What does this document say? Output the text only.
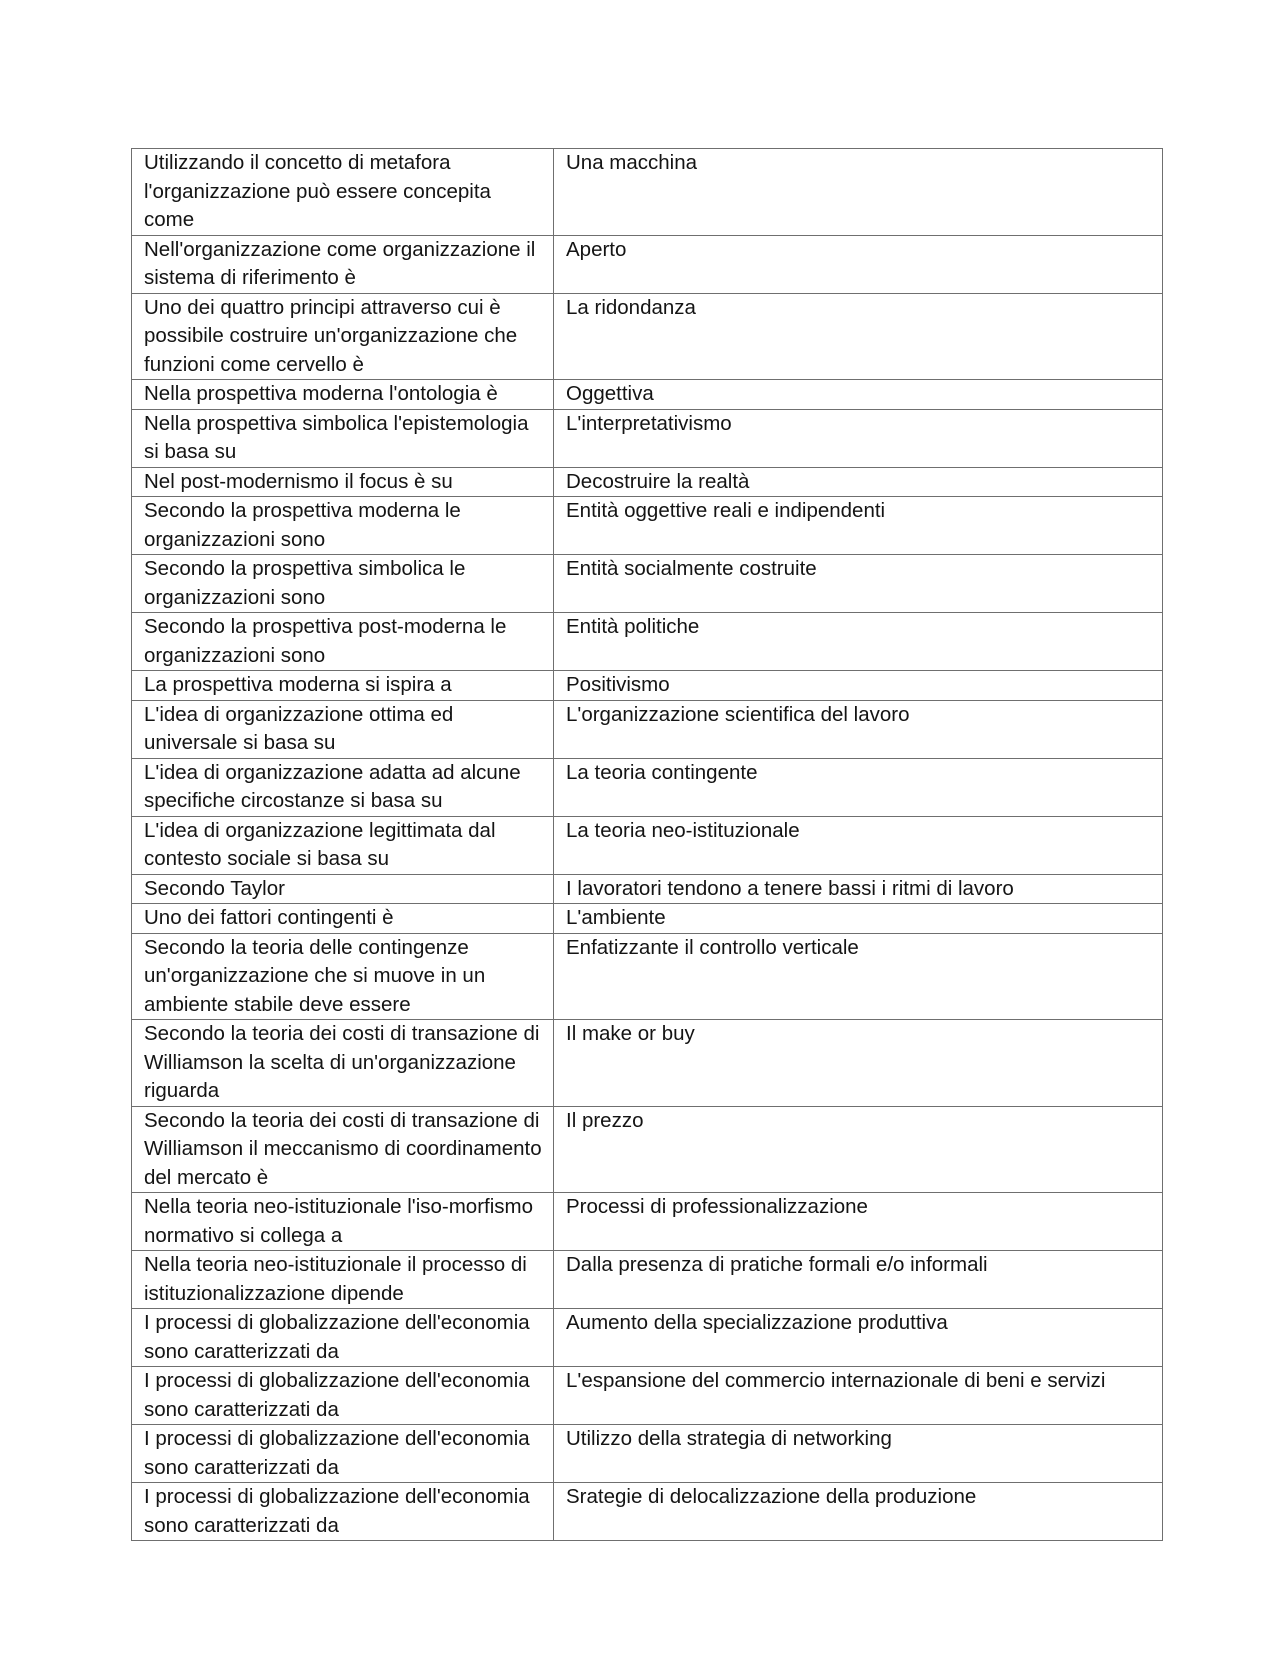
Utilizzando il concetto di metafora l'organizzazione può essere concepita come	Una macchina
Nell'organizzazione come organizzazione il sistema di riferimento è	Aperto
Uno dei quattro principi attraverso cui è possibile costruire un'organizzazione che funzioni come cervello è	La ridondanza
Nella prospettiva moderna l'ontologia è	Oggettiva
Nella prospettiva simbolica l'epistemologia si basa su	L'interpretativismo
Nel post-modernismo il focus è su	Decostruire la realtà
Secondo la prospettiva moderna le organizzazioni sono	Entità oggettive reali e indipendenti
Secondo la prospettiva simbolica le organizzazioni sono	Entità socialmente costruite
Secondo la prospettiva post-moderna le organizzazioni sono	Entità politiche
La prospettiva moderna si ispira a	Positivismo
L'idea di organizzazione ottima ed universale si basa su	L'organizzazione scientifica del lavoro
L'idea di organizzazione adatta ad alcune specifiche circostanze si basa su	La teoria contingente
L'idea di organizzazione legittimata dal contesto sociale si basa su	La teoria neo-istituzionale
Secondo Taylor	I lavoratori tendono a tenere bassi i ritmi di lavoro
Uno dei fattori contingenti è	L'ambiente
Secondo la teoria delle contingenze un'organizzazione che si muove in un ambiente stabile deve essere	Enfatizzante il controllo verticale
Secondo la teoria dei costi di transazione di Williamson la scelta di un'organizzazione riguarda	Il make or buy
Secondo la teoria dei costi di transazione di Williamson il meccanismo di coordinamento del mercato è	Il prezzo
Nella teoria neo-istituzionale l'iso-morfismo normativo si collega a	Processi di professionalizzazione
Nella teoria neo-istituzionale il processo di istituzionalizzazione dipende	Dalla presenza di pratiche formali e/o informali
I processi di globalizzazione dell'economia sono caratterizzati da	Aumento della specializzazione produttiva
I processi di globalizzazione dell'economia sono caratterizzati da	L'espansione del commercio internazionale di beni e servizi
I processi di globalizzazione dell'economia sono caratterizzati da	Utilizzo della strategia di networking
I processi di globalizzazione dell'economia sono caratterizzati da	Srategie di delocalizzazione della produzione
